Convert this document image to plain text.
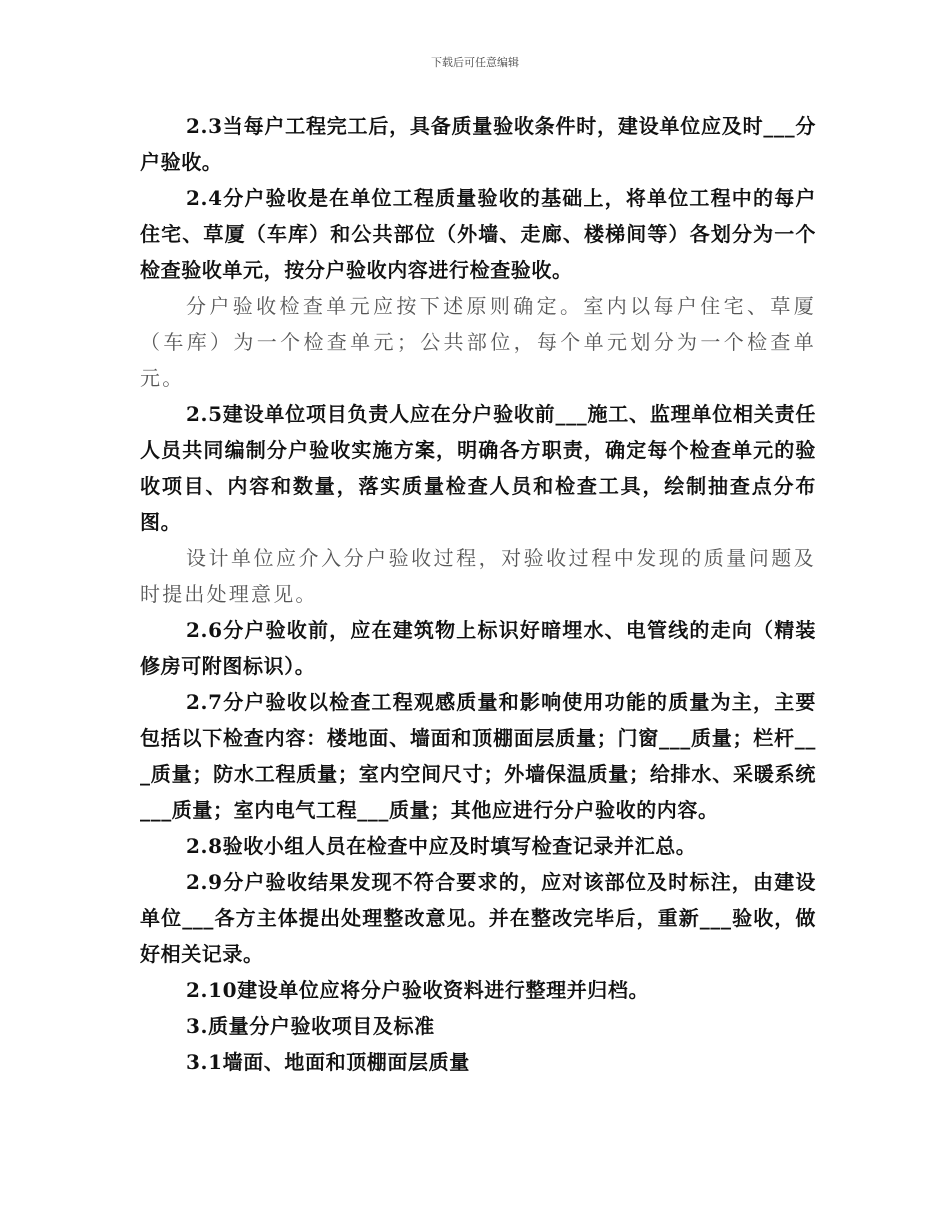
下载后可任意编辑

2.3当每户工程完工后，具备质量验收条件时，建设单位应及时___分户验收。

2.4分户验收是在单位工程质量验收的基础上，将单位工程中的每户住宅、草厦（车库）和公共部位（外墙、走廊、楼梯间等）各划分为一个检查验收单元，按分户验收内容进行检查验收。

分户验收检查单元应按下述原则确定。室内以每户住宅、草厦（车库）为一个检查单元；公共部位，每个单元划分为一个检查单元。

2.5建设单位项目负责人应在分户验收前___施工、监理单位相关责任人员共同编制分户验收实施方案，明确各方职责，确定每个检查单元的验收项目、内容和数量，落实质量检查人员和检查工具，绘制抽查点分布图。

设计单位应介入分户验收过程，对验收过程中发现的质量问题及时提出处理意见。

2.6分户验收前，应在建筑物上标识好暗埋水、电管线的走向（精装修房可附图标识）。

2.7分户验收以检查工程观感质量和影响使用功能的质量为主，主要包括以下检查内容：楼地面、墙面和顶棚面层质量；门窗___质量；栏杆___质量；防水工程质量；室内空间尺寸；外墙保温质量；给排水、采暖系统___质量；室内电气工程___质量；其他应进行分户验收的内容。

2.8验收小组人员在检查中应及时填写检查记录并汇总。

2.9分户验收结果发现不符合要求的，应对该部位及时标注，由建设单位___各方主体提出处理整改意见。并在整改完毕后，重新___验收，做好相关记录。

2.10建设单位应将分户验收资料进行整理并归档。

3.质量分户验收项目及标准

3.1墙面、地面和顶棚面层质量
